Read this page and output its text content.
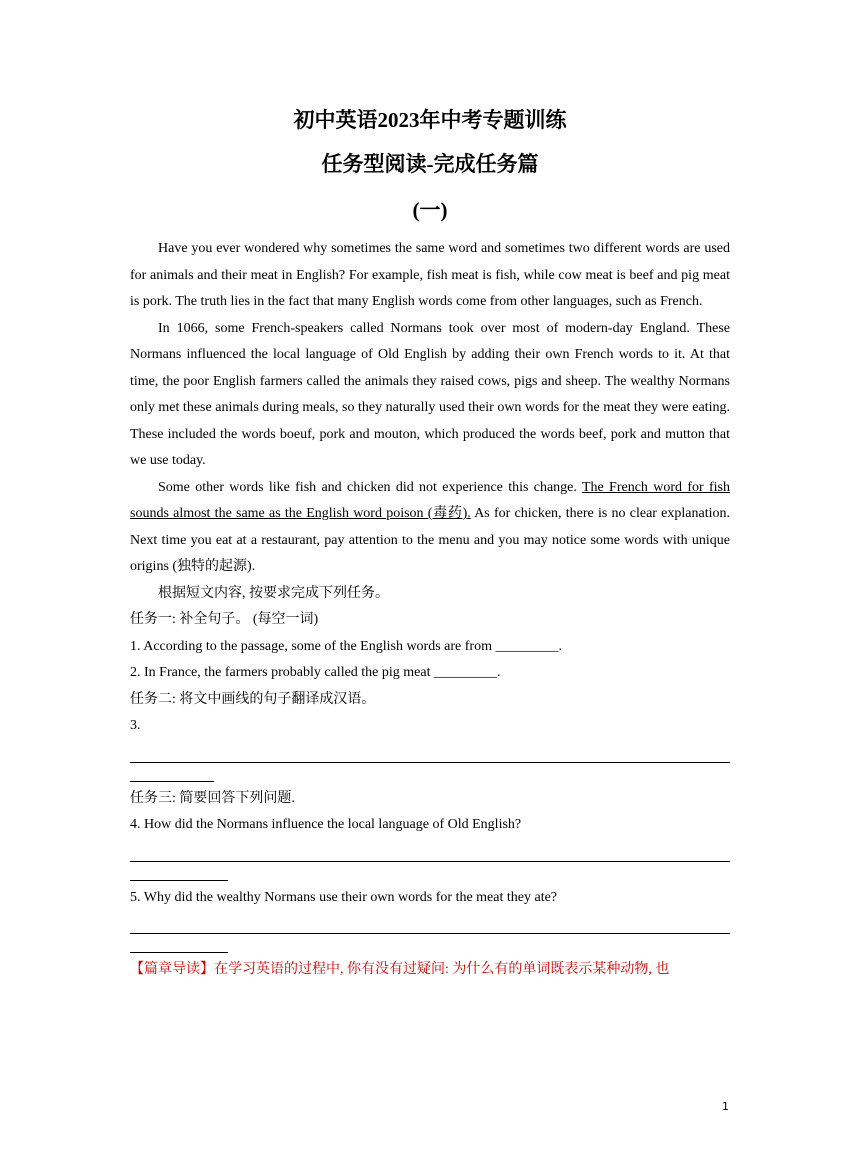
初中英语2023年中考专题训练
任务型阅读-完成任务篇
(一)

Have you ever wondered why sometimes the same word and sometimes two different words are used for animals and their meat in English? For example, fish meat is fish, while cow meat is beef and pig meat is pork. The truth lies in the fact that many English words come from other languages, such as French.

In 1066, some French-speakers called Normans took over most of modern-day England. These Normans influenced the local language of Old English by adding their own French words to it. At that time, the poor English farmers called the animals they raised cows, pigs and sheep. The wealthy Normans only met these animals during meals, so they naturally used their own words for the meat they were eating. These included the words boeuf, pork and mouton, which produced the words beef, pork and mutton that we use today.

Some other words like fish and chicken did not experience this change. The French word for fish sounds almost the same as the English word poison (毒药). As for chicken, there is no clear explanation. Next time you eat at a restaurant, pay attention to the menu and you may notice some words with unique origins (独特的起源).

根据短文内容, 按要求完成下列任务。

任务一: 补全句子。 (每空一词)

1. According to the passage, some of the English words are from _________.

2. In France, the farmers probably called the pig meat _________.

任务二: 将文中画线的句子翻译成汉语。

3.

任务三: 简要回答下列问题.

4. How did the Normans influence the local language of Old English?

5. Why did the wealthy Normans use their own words for the meat they ate?

【篇章导读】在学习英语的过程中, 你有没有过疑问: 为什么有的单词既表示某种动物, 也

1
